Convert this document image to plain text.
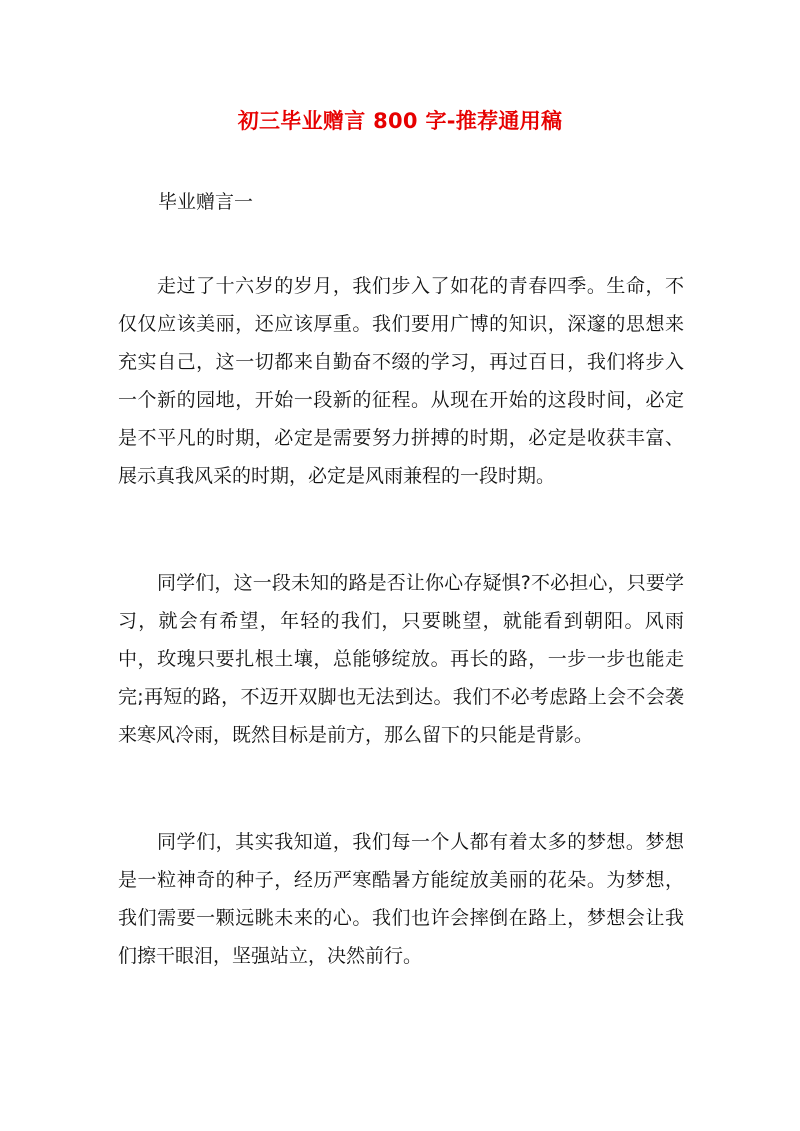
初三毕业赠言 800 字-推荐通用稿
毕业赠言一

走过了十六岁的岁月，我们步入了如花的青春四季。生命，不仅仅应该美丽，还应该厚重。我们要用广博的知识，深邃的思想来充实自己，这一切都来自勤奋不缀的学习，再过百日，我们将步入一个新的园地，开始一段新的征程。从现在开始的这段时间，必定是不平凡的时期，必定是需要努力拼搏的时期，必定是收获丰富、展示真我风采的时期，必定是风雨兼程的一段时期。

同学们，这一段未知的路是否让你心存疑惧?不必担心，只要学习，就会有希望，年轻的我们，只要眺望，就能看到朝阳。风雨中，玫瑰只要扎根土壤，总能够绽放。再长的路，一步一步也能走完;再短的路，不迈开双脚也无法到达。我们不必考虑路上会不会袭来寒风冷雨，既然目标是前方，那么留下的只能是背影。

同学们，其实我知道，我们每一个人都有着太多的梦想。梦想是一粒神奇的种子，经历严寒酷暑方能绽放美丽的花朵。为梦想，我们需要一颗远眺未来的心。我们也许会摔倒在路上，梦想会让我们擦干眼泪，坚强站立，决然前行。
